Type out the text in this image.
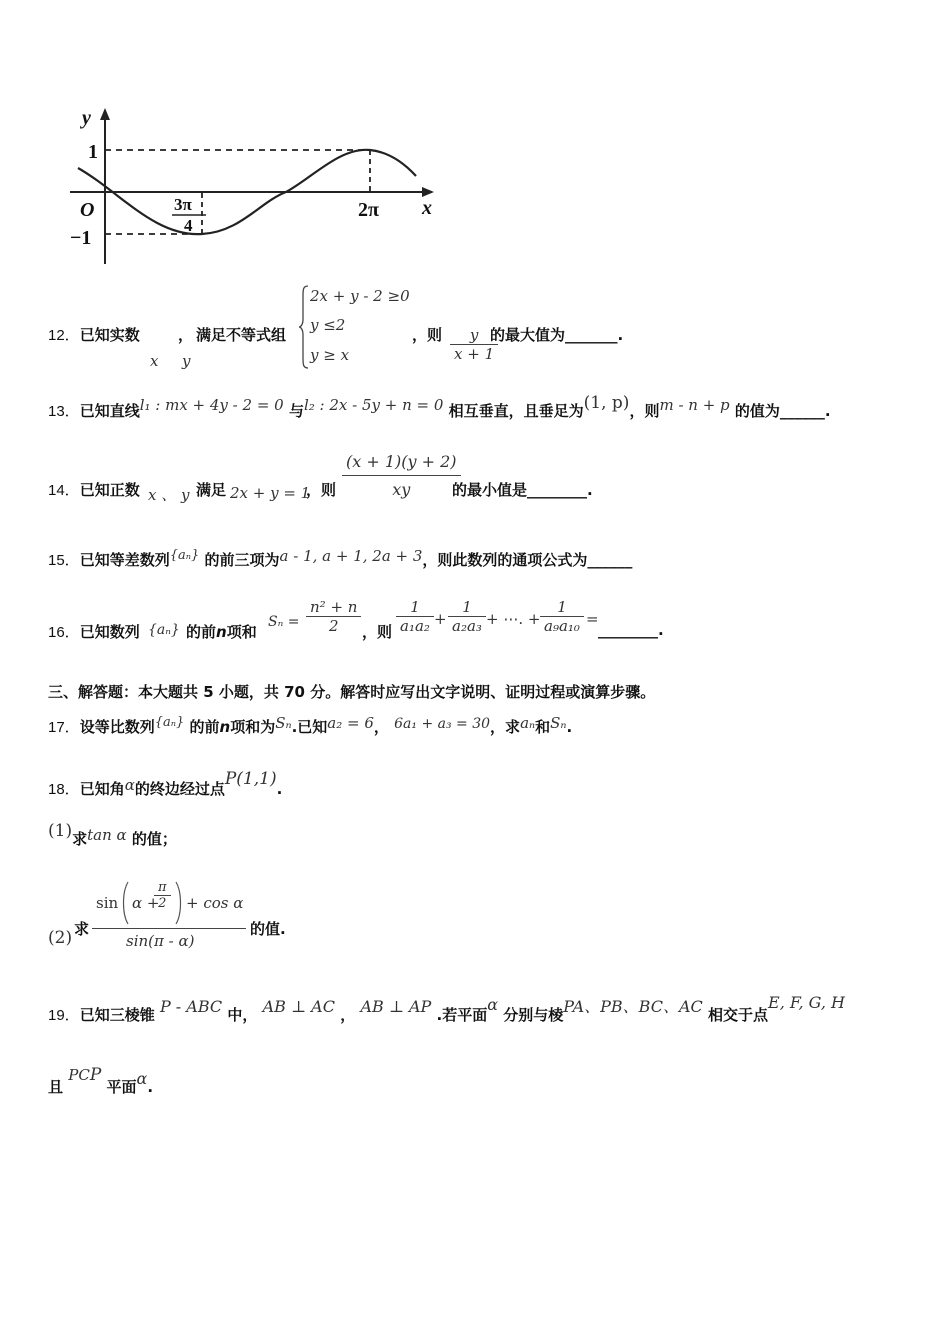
y
x
O
1
−1
3π
4
2π
12．已知实数	， 满足不等式组
x y
2x + y - 2 ≥0
y ≤2
y ≥ x
，则 $\frac{y}{x + 1}$
的最大值为_______.
13．已知直线l₁ : mx + 4y - 2 = 0 与l₂ : 2x - 5y + n = 0 相互垂直，且垂足为(1, p)，则m - n + p 的值为______.
14．已知正数 x 、 y 满足 2x + y = 1
，则 $\frac{(x + 1)(y + 2)}{xy}$
的最小值是________.
15．已知等差数列{aₙ} 的前三项为a - 1, a + 1, 2a + 3，则此数列的通项公式为______
16．已知数列 {aₙ} 的前n项和
$S_n = \frac{\text{n² + n}}{2}$ ，则 $\frac{1}{\text{a₁a₂}} + \frac{1}{\text{a₂a₃}}$ + ⋯. + $\frac{1}{\text{a₉a₁₀}}$ =
________.
三、解答题：本大题共 5 小题，共 70 分。解答时应写出文字说明、证明过程或演算步骤。
17．设等比数列{aₙ} 的前n项和为Sₙ.已知a₂ = 6， 6a₁ + a₃ = 30，求aₙ和Sₙ.
18．已知角α的终边经过点P(1,1).
(1)求tan α 的值；
(2) 求
sin α +
$\frac{\pi}{2} + \cos \alpha$
sin(π - α)
的值.
19．已知三棱锥 P - ABC 中， AB ⊥ AC ， AB ⊥ AP .若平面α 分别与棱PA、PB、BC、AC 相交于点E, F, G, H
且 PCP 平面α.
